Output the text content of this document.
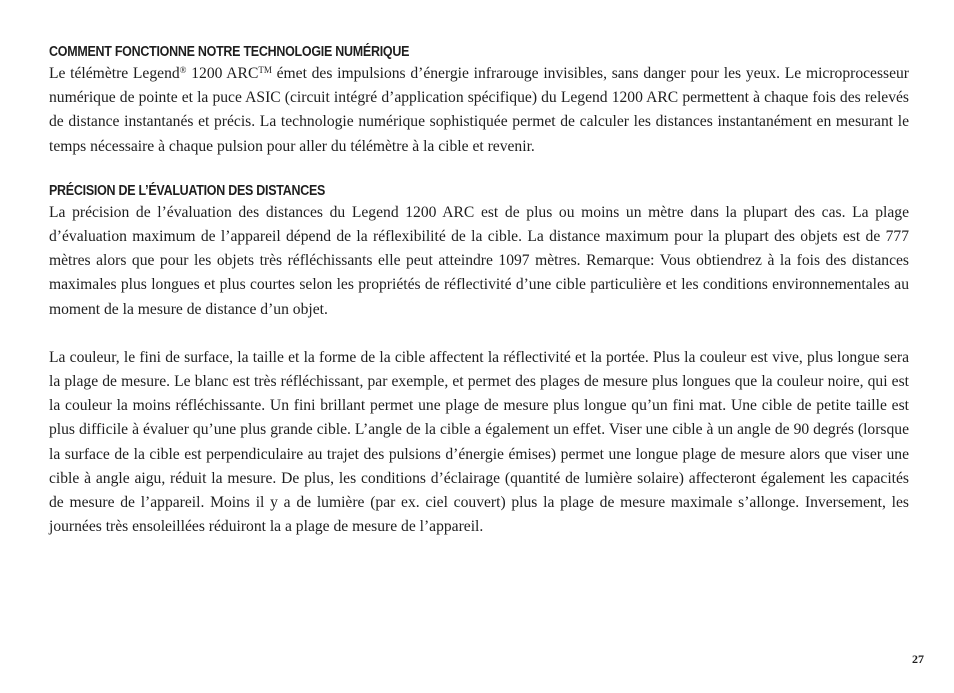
COMMENT FONCTIONNE NOTRE TECHNOLOGIE NUMÉRIQUE

Le télémètre Legend® 1200 ARC™ émet des impulsions d’énergie infrarouge invisibles, sans danger pour les yeux. Le microprocesseur numérique de pointe et la puce ASIC (circuit intégré d’application spécifique) du Legend 1200 ARC permettent à chaque fois des relevés de distance instantanés et précis. La technologie numérique sophistiquée permet de calculer les distances instantanément en mesurant le temps nécessaire à chaque pulsion pour aller du télémètre à la cible et revenir.

PRÉCISION DE L’ÉVALUATION DES DISTANCES

La précision de l’évaluation des distances du Legend 1200 ARC est de plus ou moins un mètre dans la plupart des cas. La plage d’évaluation maximum de l’appareil dépend de la réflexibilité de la cible. La distance maximum pour la plupart des objets est de 777 mètres alors que pour les objets très réfléchissants elle peut atteindre 1097 mètres. Remarque: Vous obtiendrez à la fois des distances maximales plus longues et plus courtes selon les propriétés de réflectivité d’une cible particulière et les conditions environnementales au moment de la mesure de distance d’un objet.

La couleur, le fini de surface, la taille et la forme de la cible affectent la réflectivité et la portée. Plus la couleur est vive, plus longue sera la plage de mesure. Le blanc est très réfléchissant, par exemple, et permet des plages de mesure plus longues que la couleur noire, qui est la couleur la moins réfléchissante. Un fini brillant permet une plage de mesure plus longue qu’un fini mat. Une cible de petite taille est plus difficile à évaluer qu’une plus grande cible. L’angle de la cible a également un effet. Viser une cible à un angle de 90 degrés (lorsque la surface de la cible est perpendiculaire au trajet des pulsions d’énergie émises) permet une longue plage de mesure alors que viser une cible à angle aigu, réduit la mesure. De plus, les conditions d’éclairage (quantité de lumière solaire) affecteront également les capacités de mesure de l’appareil. Moins il y a de lumière (par ex. ciel couvert) plus la plage de mesure maximale s’allonge. Inversement, les journées très ensoleillées réduiront la a plage de mesure de l’appareil.

27
